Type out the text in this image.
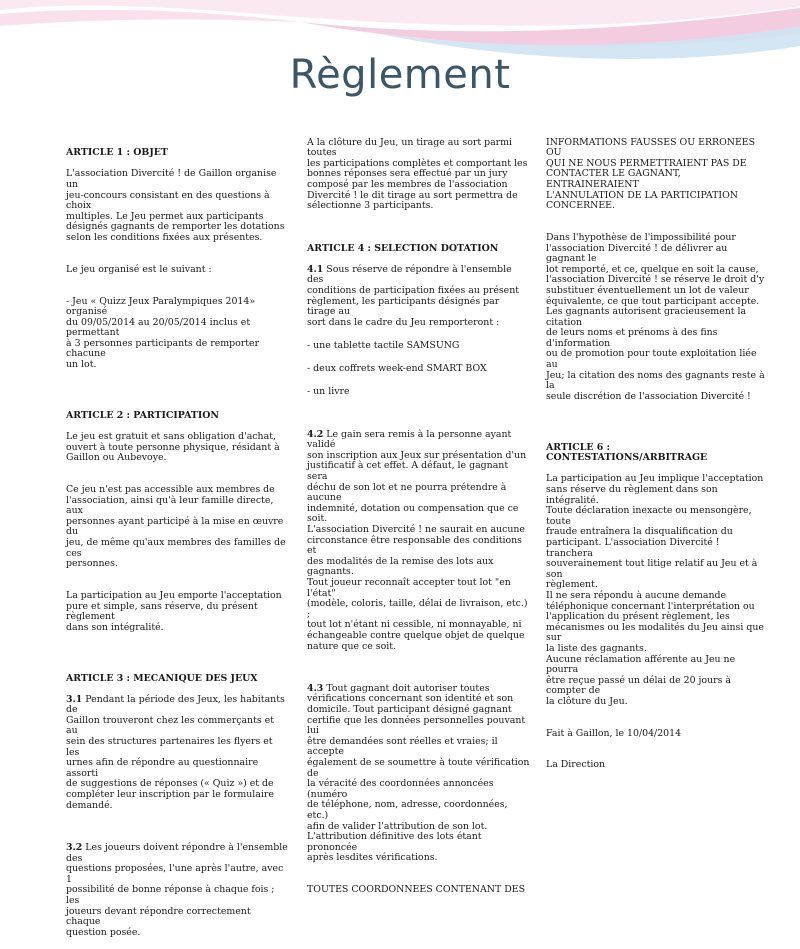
Règlement

ARTICLE 1 : OBJET

L'association Divercité ! de Gaillon organise un
jeu-concours consistant en des questions à choix
multiples. Le Jeu permet aux participants
désignés gagnants de remporter les dotations
selon les conditions fixées aux présentes.

Le jeu organisé est le suivant :

- Jeu « Quizz Jeux Paralympiques 2014» organisé
du 09/05/2014 au 20/05/2014 inclus et permettant
à 3 personnes participants de remporter chacune
un lot.

ARTICLE 2 : PARTICIPATION

Le jeu est gratuit et sans obligation d'achat,
ouvert à toute personne physique, résidant à
Gaillon ou Aubevoye.

Ce jeu n'est pas accessible aux membres de
l'association, ainsi qu'à leur famille directe, aux
personnes ayant participé à la mise en œuvre du
jeu, de même qu'aux membres des familles de ces
personnes.

La participation au Jeu emporte l'acceptation
pure et simple, sans réserve, du présent règlement
dans son intégralité.

ARTICLE 3 : MECANIQUE DES JEUX

3.1 Pendant la période des Jeux, les habitants de
Gaillon trouveront chez les commerçants et au
sein des structures partenaires les flyers et les
urnes afin de répondre au questionnaire assorti
de suggestions de réponses (« Quiz ») et de
compléter leur inscription par le formulaire
demandé.

3.2 Les joueurs doivent répondre à l'ensemble des
questions proposées, l'une après l'autre, avec 1
possibilité de bonne réponse à chaque fois ; les
joueurs devant répondre correctement chaque
question posée.

A la clôture du Jeu, un tirage au sort parmi toutes
les participations complètes et comportant les
bonnes réponses sera effectué par un jury
composé par les membres de l'association
Divercité ! le dit tirage au sort permettra de
sélectionne 3 participants.

ARTICLE 4 : SELECTION DOTATION

4.1 Sous réserve de répondre à l'ensemble des
conditions de participation fixées au présent
règlement, les participants désignés par tirage au
sort dans le cadre du Jeu remporteront :

- une tablette tactile SAMSUNG

- deux coffrets week-end SMART BOX

- un livre

4.2 Le gain sera remis à la personne ayant validé
son inscription aux Jeux sur présentation d'un
justificatif à cet effet. A défaut, le gagnant sera
déchu de son lot et ne pourra prétendre à aucune
indemnité, dotation ou compensation que ce soit.
L'association Divercité ! ne saurait en aucune
circonstance être responsable des conditions et
des modalités de la remise des lots aux gagnants.
Tout joueur reconnaît accepter tout lot "en l'état"
(modèle, coloris, taille, délai de livraison, etc.) ;
tout lot n'étant ni cessible, ni monnayable, ni
échangeable contre quelque objet de quelque
nature que ce soit.

4.3 Tout gagnant doit autoriser toutes
vérifications concernant son identité et son
domicile. Tout participant désigné gagnant
certifie que les données personnelles pouvant lui
être demandées sont réelles et vraies; il accepte
également de se soumettre à toute vérification de
la véracité des coordonnées annoncées (numéro
de téléphone, nom, adresse, coordonnées, etc.)
afin de valider l'attribution de son lot.
L'attribution définitive des lots étant prononcée
après lesdites vérifications.

TOUTES COORDONNEES CONTENANT DES

INFORMATIONS FAUSSES OU ERRONEES OU
QUI NE NOUS PERMETTRAIENT PAS DE
CONTACTER LE GAGNANT, ENTRAINERAIENT
L'ANNULATION DE LA PARTICIPATION
CONCERNEE.

Dans l'hypothèse de l'impossibilité pour
l'association Divercité ! de délivrer au gagnant le
lot remporté, et ce, quelque en soit la cause,
l'association Divercité ! se réserve le droit d'y
substituer éventuellement un lot de valeur
équivalente, ce que tout participant accepte.
Les gagnants autorisent gracieusement la citation
de leurs noms et prénoms à des fins d'information
ou de promotion pour toute exploitation liée au
Jeu; la citation des noms des gagnants reste à la
seule discrétion de l'association Divercité !

ARTICLE 6 : CONTESTATIONS/ARBITRAGE

La participation au Jeu implique l'acceptation
sans réserve du règlement dans son intégralité.
Toute déclaration inexacte ou mensongère, toute
fraude entraînera la disqualification du
participant. L'association Divercité ! tranchera
souverainement tout litige relatif au Jeu et à son
règlement.
Il ne sera répondu à aucune demande
téléphonique concernant l'interprétation ou
l'application du présent règlement, les
mécanismes ou les modalités du Jeu ainsi que sur
la liste des gagnants.
Aucune réclamation afférente au Jeu ne pourra
être reçue passé un délai de 20 jours à compter de
la clôture du Jeu.

Fait à Gaillon, le 10/04/2014

La Direction
